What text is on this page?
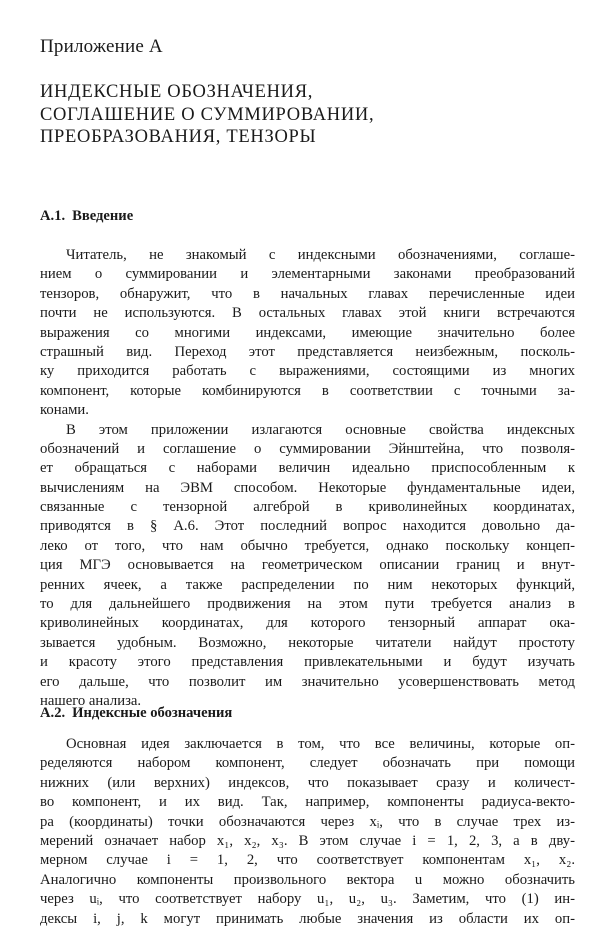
Приложение А
ИНДЕКСНЫЕ ОБОЗНАЧЕНИЯ,
СОГЛАШЕНИЕ О СУММИРОВАНИИ,
ПРЕОБРАЗОВАНИЯ, ТЕНЗОРЫ
А.1. Введение
Читатель, не знакомый с индексными обозначениями, соглаше-
нием о суммировании и элементарными законами преобразований
тензоров, обнаружит, что в начальных главах перечисленные идеи
почти не используются. В остальных главах этой книги встречаются
выражения со многими индексами, имеющие значительно более
страшный вид. Переход этот представляется неизбежным, посколь-
ку приходится работать с выражениями, состоящими из многих
компонент, которые комбинируются в соответствии с точными за-
конами.
В этом приложении излагаются основные свойства индексных
обозначений и соглашение о суммировании Эйнштейна, что позволя-
ет обращаться с наборами величин идеально приспособленным к
вычислениям на ЭВМ способом. Некоторые фундаментальные идеи,
связанные с тензорной алгеброй в криволинейных координатах,
приводятся в § А.6. Этот последний вопрос находится довольно да-
леко от того, что нам обычно требуется, однако поскольку концеп-
ция МГЭ основывается на геометрическом описании границ и внут-
ренних ячеек, а также распределении по ним некоторых функций,
то для дальнейшего продвижения на этом пути требуется анализ в
криволинейных координатах, для которого тензорный аппарат ока-
зывается удобным. Возможно, некоторые читатели найдут простоту
и красоту этого представления привлекательными и будут изучать
его дальше, что позволит им значительно усовершенствовать метод
нашего анализа.
А.2. Индексные обозначения
Основная идея заключается в том, что все величины, которые оп-
ределяются набором компонент, следует обозначать при помощи
нижних (или верхних) индексов, что показывает сразу и количест-
во компонент, и их вид. Так, например, компоненты радиуса-векто-
ра (координаты) точки обозначаются через xᵢ, что в случае трех из-
мерений означает набор x₁, x₂, x₃. В этом случае i = 1, 2, 3, а в дву-
мерном случае i = 1, 2, что соответствует компонентам x₁, x₂.
Аналогично компоненты произвольного вектора u можно обозначить
через uᵢ, что соответствует набору u₁, u₂, u₃. Заметим, что (1) ин-
дексы i, j, k могут принимать любые значения из области их оп-
